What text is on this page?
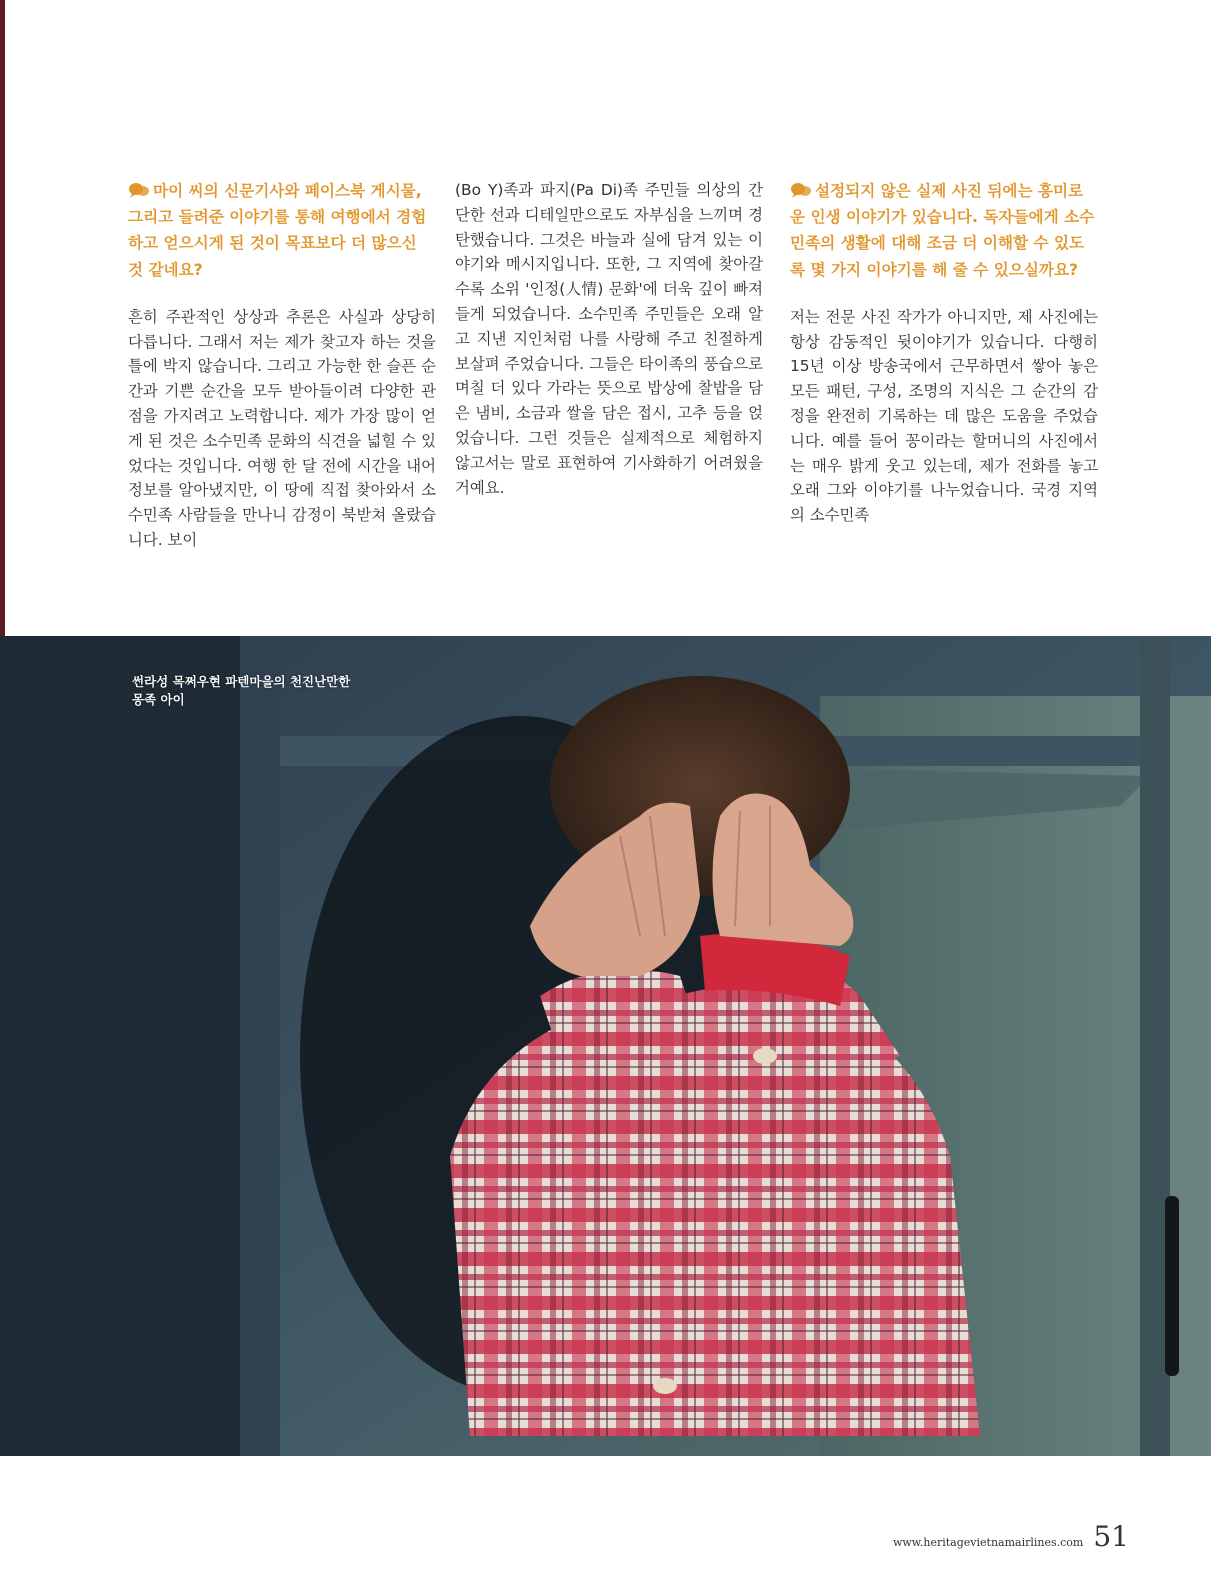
마이 씨의 신문기사와 페이스북 게시물, 그리고 들려준 이야기를 통해 여행에서 경험하고 얻으시게 된 것이 목표보다 더 많으신 것 같네요?

흔히 주관적인 상상과 추론은 사실과 상당히 다릅니다. 그래서 저는 제가 찾고자 하는 것을 틀에 박지 않습니다. 그리고 가능한 한 슬픈 순간과 기쁜 순간을 모두 받아들이려 다양한 관점을 가지려고 노력합니다. 제가 가장 많이 얻게 된 것은 소수민족 문화의 식견을 넓힐 수 있었다는 것입니다. 여행 한 달 전에 시간을 내어 정보를 알아냈지만, 이 땅에 직접 찾아와서 소수민족 사람들을 만나니 감정이 북받쳐 올랐습니다. 보이

(Bo Y)족과 파지(Pa Di)족 주민들 의상의 간단한 선과 디테일만으로도 자부심을 느끼며 경탄했습니다. 그것은 바늘과 실에 담겨 있는 이야기와 메시지입니다. 또한, 그 지역에 찾아갈수록 소위 '인정(人情) 문화'에 더욱 깊이 빠져 들게 되었습니다. 소수민족 주민들은 오래 알고 지낸 지인처럼 나를 사랑해 주고 친절하게 보살펴 주었습니다. 그들은 타이족의 풍습으로 며칠 더 있다 가라는 뜻으로 밥상에 찰밥을 담은 냄비, 소금과 쌀을 담은 접시, 고추 등을 얹었습니다. 그런 것들은 실제적으로 체험하지 않고서는 말로 표현하여 기사화하기 어려웠을 거예요.

설정되지 않은 실제 사진 뒤에는 흥미로운 인생 이야기가 있습니다. 독자들에게 소수민족의 생활에 대해 조금 더 이해할 수 있도록 몇 가지 이야기를 해 줄 수 있으실까요?

저는 전문 사진 작가가 아니지만, 제 사진에는 항상 감동적인 뒷이야기가 있습니다. 다행히 15년 이상 방송국에서 근무하면서 쌓아 놓은 모든 패턴, 구성, 조명의 지식은 그 순간의 감정을 완전히 기록하는 데 많은 도움을 주었습니다. 예를 들어 꽁이라는 할머니의 사진에서는 매우 밝게 웃고 있는데, 제가 전화를 놓고 오래 그와 이야기를 나누었습니다. 국경 지역의 소수민족

썬라성 목쩌우현 파텐마을의 천진난만한
몽족 아이
www.heritagevietnamairlines.com 51
